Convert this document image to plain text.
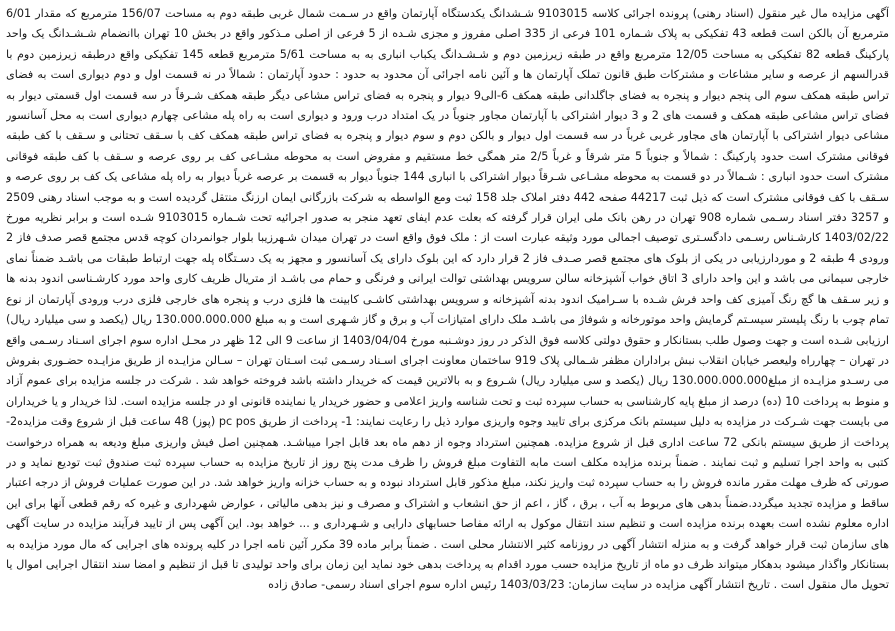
آگهی مزایده مال غیر منقول (اسناد رهنی) پرونده اجرائی کلاسه 9103015 شـشدانگ یکدستگاه آپارتمان واقع در سـمت شمال غربی طبقه دوم به مساحت 156/07 مترمربع که مقدار 6/01 مترمربع آن بالکن است قطعه 43 تفکیکی به پلاک شـماره 101 فرعی از 335 اصلی مفروز و مجزی شـده از 5 فرعی از اصلی مـذکور واقع در بخش 10 تهران باانضمام شـشـدانگ یک واحد پارکینگ قطعه 82 تفکیکی به مساحت 12/05 مترمربع واقع در طبقه زیرزمین دوم و شـشـدانگ یکباب انباری به به مساحت 5/61 مترمربع قطعه 145 تفکیکی واقع درطبقه زیرزمین دوم با قدرالسهم از عرصه و سایر مشاعات و مشترکات طبق قانون تملک آپارتمان ها و آئین نامه اجرائی آن محدود به حدود : حدود آپارتمان : شمالاً در نه قسمت اول و دوم دیواری است به فضای تراس طبقه همکف سوم الی پنجم دیوار و پنجره به فضای جاگلدانی طبقه همکف 6-الی9 دیوار و پنجره به فضای تراس مشاعی دیگر طبقه همکف شـرقاً در سه قسمت اول قسمتی دیوار به فضای تراس مشاعی طبقه همکف و قسمت های 2 و 3 دیوار اشتراکی با آپارتمان مجاور جنوباً در یک امتداد درب ورود و دیواری است به راه پله مشاعی چهارم دیواری است به محل آسانسور مشاعی دیوار اشتراکی با آپارتمان های مجاور غربی غرباً در سه قسمت اول دیوار و بالکن دوم و سوم دیوار و پنجره به فضای تراس طبقه همکف کف با سـقف تحتانی و سـقف با کف طبقه فوقانی مشترک است حدود پارکینگ : شمالاً و جنوباً 5 متر شرقاً و غرباً 2/5 متر همگی خط مستقیم و مفروض است به محوطه مشـاعی کف بر روی عرصه و سـقف با کف طبقه فوقانی مشترک است حدود انباری : شـمالاً در دو قسمت به محوطه مشـاعی شـرقاً دیوار اشتراکی با انباری 144 جنوباً دیوار به قسمت بر عرصه غرباً دیوار به راه پله مشاعی یک کف بر روی عرصه و سـقف با کف فوقانی مشترک است که ذیل ثبت 44217 صفحه 442 دفتر املاک جلد 158 ثبت ومع الواسطه به شرکت بازرگانی ایمان ارزنگ منتقل گردیده است و به موجب اسناد رهنی 2509 و 3257 دفتر اسناد رسـمی شماره 908 تهران در رهن بانک ملی ایران قرار گرفته که بعلت عدم ایفای تعهد منجر به صدور اجرائیه تحت شـماره 9103015 شـده است و برابر نظریه مورخ 1403/02/22 کارشـناس رسـمی دادگسـتری توصیف اجمالی مورد وثیقه عبارت است از : ملک فوق واقع است در تهران میدان شـهرزیبا بلوار جوانمردان کوچه قدس مجتمع قصر صدف فاز 2 ورودی 4 طبقه 2 و موردارزیابی در یکی از بلوک های مجتمع قصر صـدف فاز 2 قرار دارد که این بلوک دارای یک آسانسور و مجهز به یک دسـتگاه پله جهت ارتباط طبقات می باشـد ضمناً نمای خارجی سیمانی می باشد و این واحد دارای 3 اتاق خواب آشپزخانه سالن سرویس بهداشتی توالت ایرانی و فرنگی و حمام می باشـد از متریال ظریف کاری واحد مورد کارشـناسی اندود بدنه ها و زیر سـقف ها گچ رنگ آمیزی کف واحد فرش شـده با سـرامیک اندود بدنه آشپزخانه و سرویس بهداشتی کاشـی کابینت ها فلزی درب و پنجره های خارجی فلزی درب ورودی آپارتمان از نوع تمام چوب با رنگ پلیستر سیسـتم گرمایش واحد موتورخانه و شوفاژ می باشـد ملک دارای امتیازات آب و برق و گاز شـهری است و به مبلغ 130.000.000.000 ریال (یکصد و سی میلیارد ریال) ارزیابی شـده است و جهت وصول طلب بستانکار و حقوق دولتی کلاسه فوق الذکر در روز دوشـنبه مورخ 1403/04/04 از ساعت 9 الی 12 ظهر در محـل اداره سوم اجرای اسـناد رسـمی واقع در تهران – چهارراه ولیعصر خیابان انقلاب نبش براداران مظفر شـمالی پلاک 919 ساختمان معاونت اجرای اسـناد رسـمی ثبت اسـتان تهران – سـالن مزایـده از طریق مزایـده حضـوری بفروش می رسـدو مزایـده از مبلغ130.000.000.000 ریال (یکصد و سی میلیارد ریال) شـروع و به بالاترین قیمت که خریدار داشته باشد فروخته خواهد شد . شرکت در جلسه مزایده برای عموم آزاد و منوط به پرداخت 10 (ده) درصد از مبلغ پایه کارشناسی به حساب سپرده ثبت و تحت شناسه واریز اعلامی و حضور خریدار یا نماینده قانونی او در جلسه مزایده است. لذا خریدار و یا خریداران می بایست جهت شـرکت در مزایده به دلیل سیستم بانک مرکزی برای تایید وجوه واریزی موارد ذیل را رعایت نمایند: 1- پرداخت از طریق pc pos (پوز) 48 ساعت قبل از شروع وقت مزایده2- پرداخت از طریق سیستم بانکی 72 ساعت اداری قبل از شروع مزایده. همچنین استرداد وجوه از دهم ماه بعد قابل اجرا میباشـد. همچنین اصل فیش واریزی مبلغ ودیعه به همراه درخواست کتبی به واحد اجرا تسلیم و ثبت نمایند . ضمناً برنده مزایده مکلف است مابه التفاوت مبلغ فروش را ظرف مدت پنج روز از تاریخ مزایده به حساب سپرده ثبت صندوق ثبت تودیع نماید و در صورتی که ظرف مهلت مقرر مانده فروش را به حساب سپرده ثبت واریز نکند، مبلغ مذکور قابل استرداد نبوده و به حساب خزانه واریز خواهد شد. در این صورت عملیات فروش از درجه اعتبار ساقط و مزایده تجدید میگردد.ضمناً بدهی های مربوط به آب ، برق ، گاز ، اعم از حق انشعاب و اشتراک و مصرف و نیز بدهی مالیاتی ، عوارض شهرداری و غیره که رقم قطعی آنها برای این اداره معلوم نشده است بعهده برنده مزایده است و تنظیم سند انتقال موکول به ارائه مفاصا حسابهای دارایی و شـهرداری و ... خواهد بود. این آگهی پس از تایید فرآیند مزایده در سایت آگهی های سازمان ثبت قرار خواهد گرفت و به منزله انتشار آگهی در روزنامه کثیر الانتشار محلی است . ضمناً برابر ماده 39 مکرر آئین نامه اجرا در کلیه پرونده های اجرایی که مال مورد مزایده به بستانکار واگذار میشود بدهکار میتواند ظرف دو ماه از تاریخ مزایده حسب مورد اقدام به پرداخت بدهی خود نماید این زمان برای واحد تولیدی تا قبل از تنظیم و امضا سند انتقال اجرایی اموال یا تحویل مال منقول است . تاریخ انتشار آگهی مزایده در سایت سازمان: 1403/03/23 رئیس اداره سوم اجرای اسناد رسمی- صادق زاده
